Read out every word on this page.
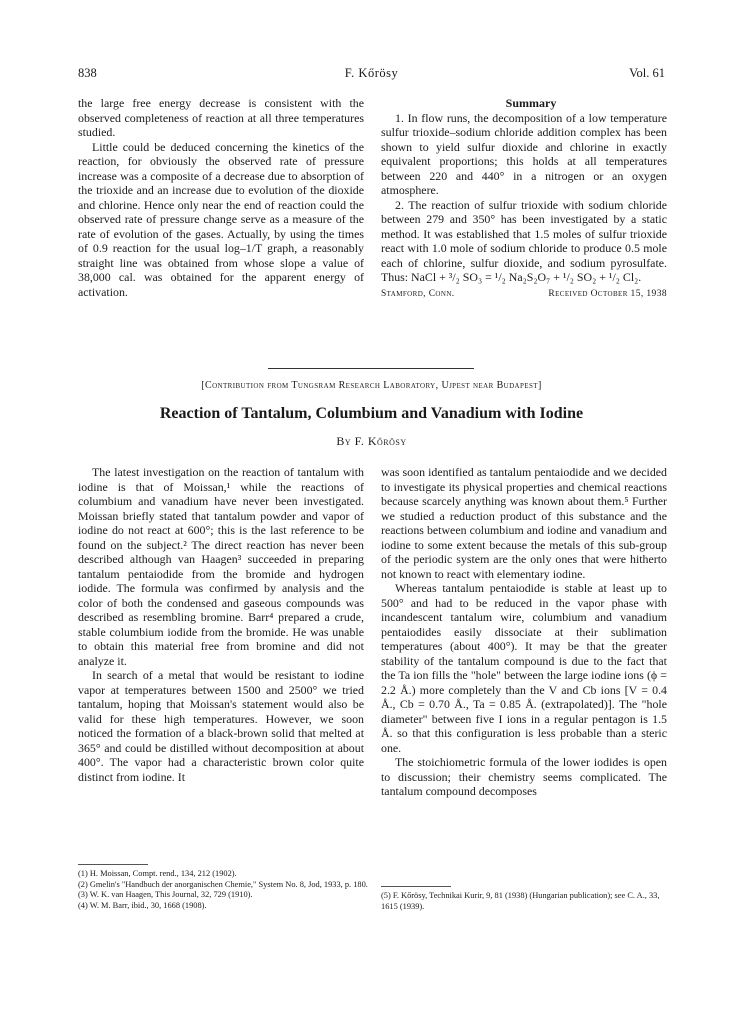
838	F. Kőrösy	Vol. 61

the large free energy decrease is consistent with the observed completeness of reaction at all three temperatures studied.

Little could be deduced concerning the kinetics of the reaction, for obviously the observed rate of pressure increase was a composite of a decrease due to absorption of the trioxide and an increase due to evolution of the dioxide and chlorine. Hence only near the end of reaction could the observed rate of pressure change serve as a measure of the rate of evolution of the gases. Actually, by using the times of 0.9 reaction for the usual log–1/T graph, a reasonably straight line was obtained from whose slope a value of 38,000 cal. was obtained for the apparent energy of activation.

Summary

1. In flow runs, the decomposition of a low temperature sulfur trioxide–sodium chloride addition complex has been shown to yield sulfur dioxide and chlorine in exactly equivalent proportions; this holds at all temperatures between 220 and 440° in a nitrogen or an oxygen atmosphere.

2. The reaction of sulfur trioxide with sodium chloride between 279 and 350° has been investigated by a static method. It was established that 1.5 moles of sulfur trioxide react with 1.0 mole of sodium chloride to produce 0.5 mole each of chlorine, sulfur dioxide, and sodium pyrosulfate. Thus: NaCl + ³/₂ SO₃ = ¹/₂ Na₂S₂O₇ + ¹/₂ SO₂ + ¹/₂ Cl₂.

Stamford, Conn.	Received October 15, 1938
[Contribution from Tungsram Research Laboratory, Ujpest near Budapest]
Reaction of Tantalum, Columbium and Vanadium with Iodine
By F. Kőrösy

The latest investigation on the reaction of tantalum with iodine is that of Moissan,¹ while the reactions of columbium and vanadium have never been investigated. Moissan briefly stated that tantalum powder and vapor of iodine do not react at 600°; this is the last reference to be found on the subject.² The direct reaction has never been described although van Haagen³ succeeded in preparing tantalum pentaiodide from the bromide and hydrogen iodide. The formula was confirmed by analysis and the color of both the condensed and gaseous compounds was described as resembling bromine. Barr⁴ prepared a crude, stable columbium iodide from the bromide. He was unable to obtain this material free from bromine and did not analyze it.

In search of a metal that would be resistant to iodine vapor at temperatures between 1500 and 2500° we tried tantalum, hoping that Moissan's statement would also be valid for these high temperatures. However, we soon noticed the formation of a black-brown solid that melted at 365° and could be distilled without decomposition at about 400°. The vapor had a characteristic brown color quite distinct from iodine. It

was soon identified as tantalum pentaiodide and we decided to investigate its physical properties and chemical reactions because scarcely anything was known about them.⁵ Further we studied a reduction product of this substance and the reactions between columbium and iodine and vanadium and iodine to some extent because the metals of this sub-group of the periodic system are the only ones that were hitherto not known to react with elementary iodine.

Whereas tantalum pentaiodide is stable at least up to 500° and had to be reduced in the vapor phase with incandescent tantalum wire, columbium and vanadium pentaiodides easily dissociate at their sublimation temperatures (about 400°). It may be that the greater stability of the tantalum compound is due to the fact that the Ta ion fills the "hole" between the large iodine ions (ϕ = 2.2 Å.) more completely than the V and Cb ions [V = 0.4 Å., Cb = 0.70 Å., Ta = 0.85 Å. (extrapolated)]. The "hole diameter" between five I ions in a regular pentagon is 1.5 Å. so that this configuration is less probable than a steric one.

The stoichiometric formula of the lower iodides is open to discussion; their chemistry seems complicated. The tantalum compound decomposes

(1) H. Moissan, Compt. rend., 134, 212 (1902).
(2) Gmelin's "Handbuch der anorganischen Chemie," System No. 8, Jod, 1933, p. 180.
(3) W. K. van Haagen, This Journal, 32, 729 (1910).
(4) W. M. Barr, ibid., 30, 1668 (1908).
(5) F. Kőrösy, Technikai Kurir, 9, 81 (1938) (Hungarian publication); see C. A., 33, 1615 (1939).
